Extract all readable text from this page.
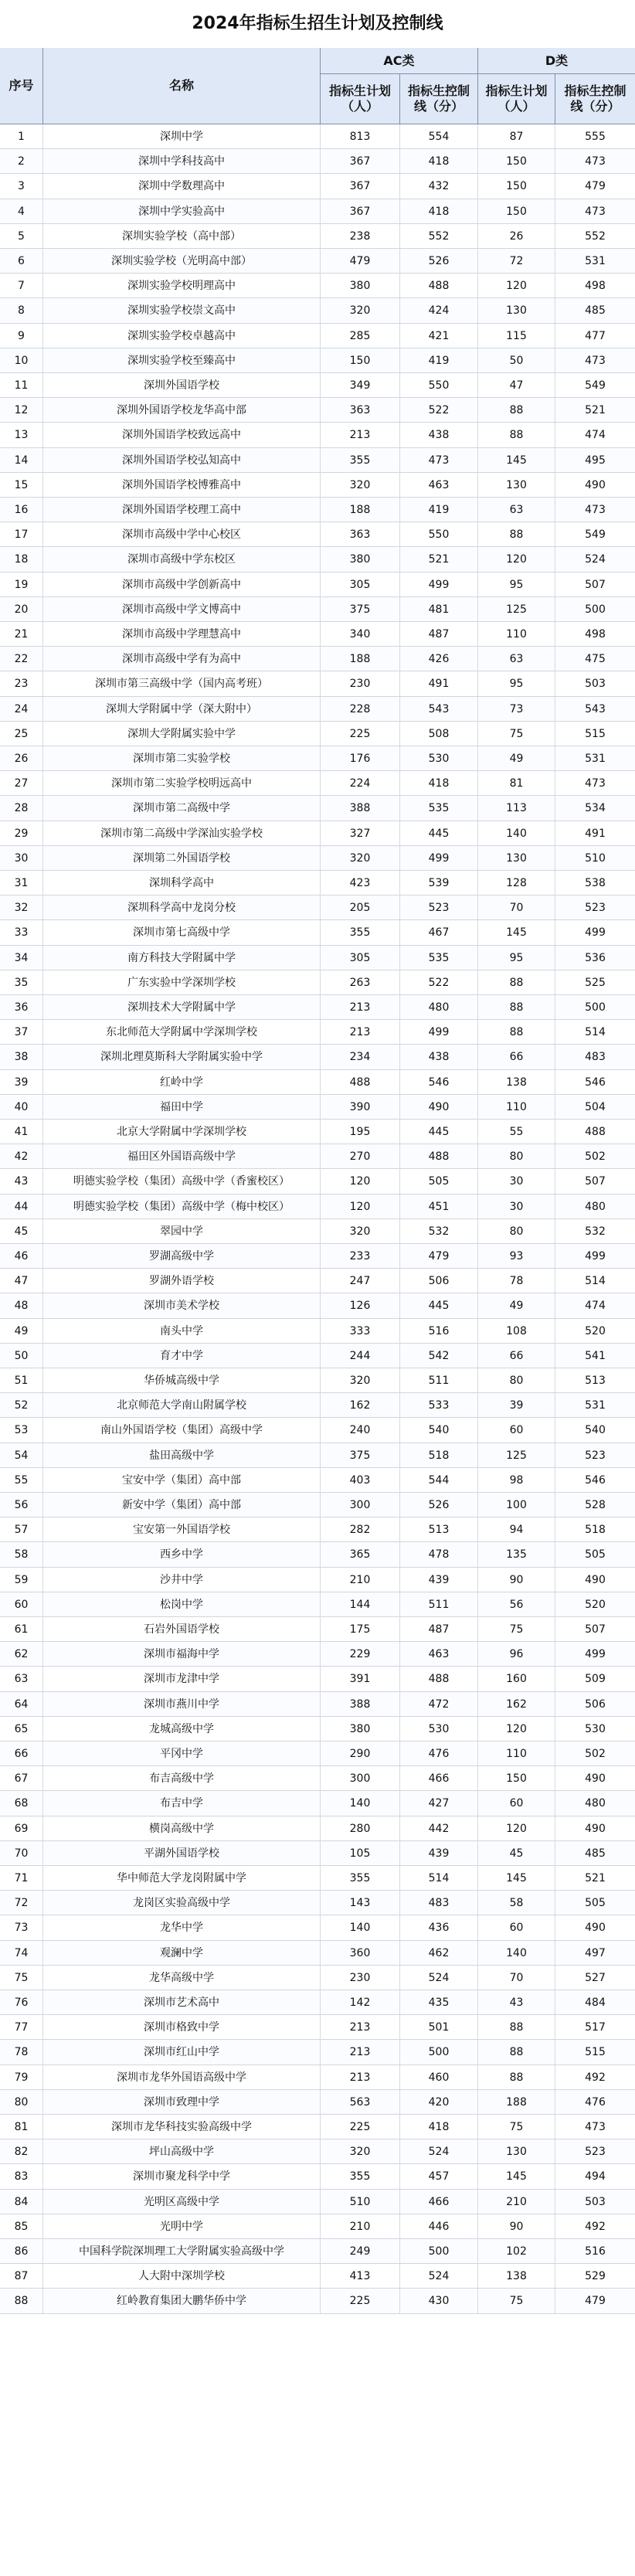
2024年指标生招生计划及控制线
序号	名称
AC类	D类
指标生计划（人）
指标生控制线（分）
指标生计划（人）
指标生控制线（分）
1	深圳中学	813	554	87	555
2	深圳中学科技高中	367	418	150	473
3	深圳中学数理高中	367	432	150	479
4	深圳中学实验高中	367	418	150	473
5	深圳实验学校（高中部）	238	552	26	552
6	深圳实验学校（光明高中部）	479	526	72	531
7	深圳实验学校明理高中	380	488	120	498
8	深圳实验学校崇文高中	320	424	130	485
9	深圳实验学校卓越高中	285	421	115	477
10	深圳实验学校至臻高中	150	419	50	473
11	深圳外国语学校	349	550	47	549
12	深圳外国语学校龙华高中部	363	522	88	521
13	深圳外国语学校致远高中	213	438	88	474
14	深圳外国语学校弘知高中	355	473	145	495
15	深圳外国语学校博雅高中	320	463	130	490
16	深圳外国语学校理工高中	188	419	63	473
17	深圳市高级中学中心校区	363	550	88	549
18	深圳市高级中学东校区	380	521	120	524
19	深圳市高级中学创新高中	305	499	95	507
20	深圳市高级中学文博高中	375	481	125	500
21	深圳市高级中学理慧高中	340	487	110	498
22	深圳市高级中学有为高中	188	426	63	475
23	深圳市第三高级中学（国内高考班）	230	491	95	503
24	深圳大学附属中学（深大附中）	228	543	73	543
25	深圳大学附属实验中学	225	508	75	515
26	深圳市第二实验学校	176	530	49	531
27	深圳市第二实验学校明远高中	224	418	81	473
28	深圳市第二高级中学	388	535	113	534
29	深圳市第二高级中学深汕实验学校	327	445	140	491
30	深圳第二外国语学校	320	499	130	510
31	深圳科学高中	423	539	128	538
32	深圳科学高中龙岗分校	205	523	70	523
33	深圳市第七高级中学	355	467	145	499
34	南方科技大学附属中学	305	535	95	536
35	广东实验中学深圳学校	263	522	88	525
36	深圳技术大学附属中学	213	480	88	500
37	东北师范大学附属中学深圳学校	213	499	88	514
38	深圳北理莫斯科大学附属实验中学	234	438	66	483
39	红岭中学	488	546	138	546
40	福田中学	390	490	110	504
41	北京大学附属中学深圳学校	195	445	55	488
42	福田区外国语高级中学	270	488	80	502
43	明德实验学校（集团）高级中学（香蜜校区）	120	505	30	507
44	明德实验学校（集团）高级中学（梅中校区）	120	451	30	480
45	翠园中学	320	532	80	532
46	罗湖高级中学	233	479	93	499
47	罗湖外语学校	247	506	78	514
48	深圳市美术学校	126	445	49	474
49	南头中学	333	516	108	520
50	育才中学	244	542	66	541
51	华侨城高级中学	320	511	80	513
52	北京师范大学南山附属学校	162	533	39	531
53	南山外国语学校（集团）高级中学	240	540	60	540
54	盐田高级中学	375	518	125	523
55	宝安中学（集团）高中部	403	544	98	546
56	新安中学（集团）高中部	300	526	100	528
57	宝安第一外国语学校	282	513	94	518
58	西乡中学	365	478	135	505
59	沙井中学	210	439	90	490
60	松岗中学	144	511	56	520
61	石岩外国语学校	175	487	75	507
62	深圳市福海中学	229	463	96	499
63	深圳市龙津中学	391	488	160	509
64	深圳市燕川中学	388	472	162	506
65	龙城高级中学	380	530	120	530
66	平冈中学	290	476	110	502
67	布吉高级中学	300	466	150	490
68	布吉中学	140	427	60	480
69	横岗高级中学	280	442	120	490
70	平湖外国语学校	105	439	45	485
71	华中师范大学龙岗附属中学	355	514	145	521
72	龙岗区实验高级中学	143	483	58	505
73	龙华中学	140	436	60	490
74	观澜中学	360	462	140	497
75	龙华高级中学	230	524	70	527
76	深圳市艺术高中	142	435	43	484
77	深圳市格致中学	213	501	88	517
78	深圳市红山中学	213	500	88	515
79	深圳市龙华外国语高级中学	213	460	88	492
80	深圳市致理中学	563	420	188	476
81	深圳市龙华科技实验高级中学	225	418	75	473
82	坪山高级中学	320	524	130	523
83	深圳市聚龙科学中学	355	457	145	494
84	光明区高级中学	510	466	210	503
85	光明中学	210	446	90	492
86	中国科学院深圳理工大学附属实验高级中学	249	500	102	516
87	人大附中深圳学校	413	524	138	529
88	红岭教育集团大鹏华侨中学	225	430	75	479
